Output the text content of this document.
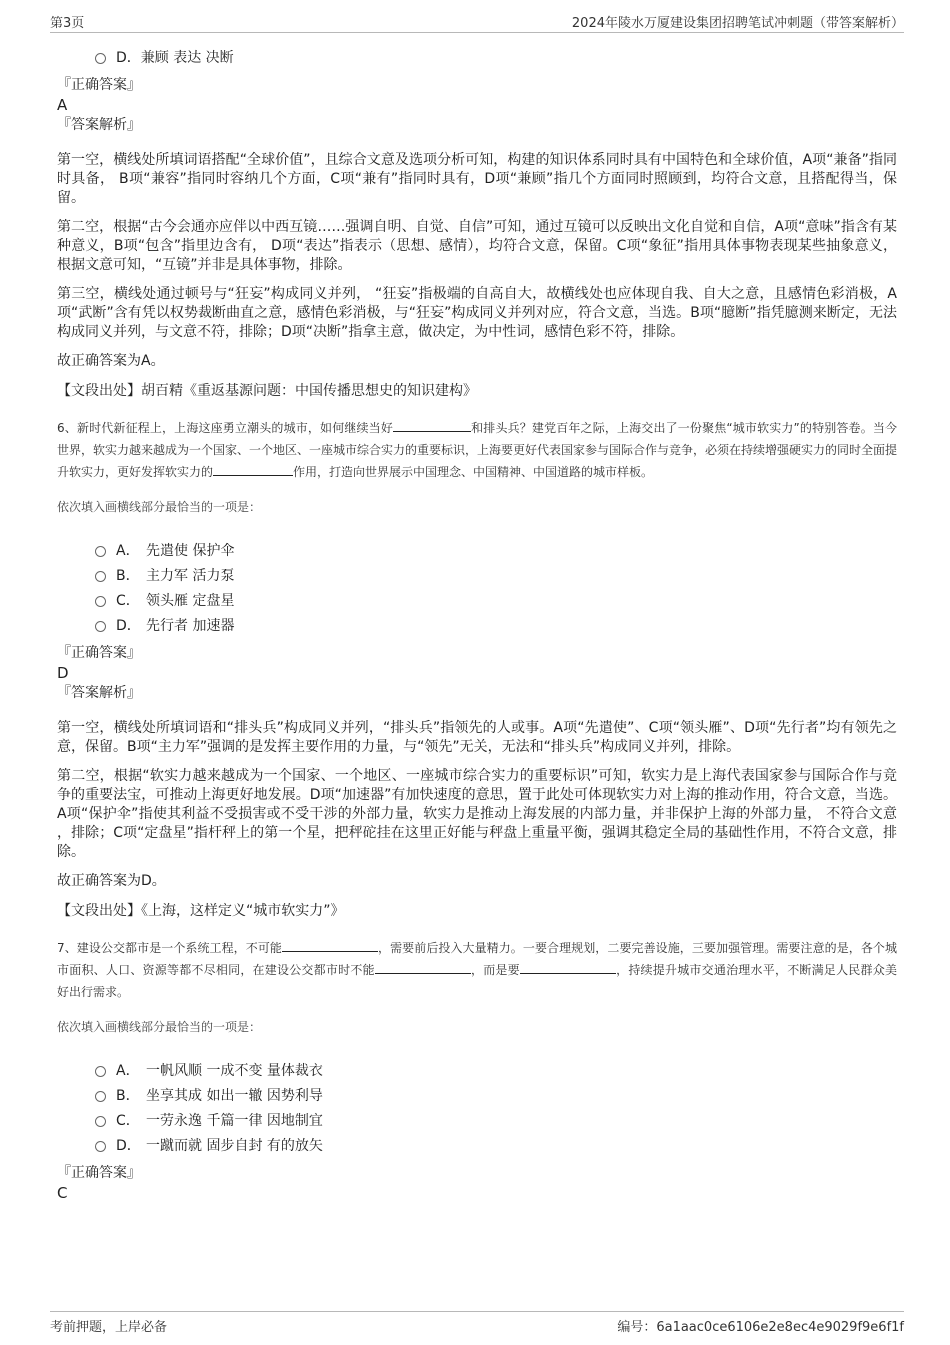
第3页	2024年陵水万厦建设集团招聘笔试冲刺题（带答案解析）
D． 兼顾 表达 决断
『正确答案』
A
『答案解析』

第一空，横线处所填词语搭配“全球价值”，且综合文意及选项分析可知，构建的知识体系同时具有中国特色和全球价值，A项“兼备”指同时具备， B项“兼容”指同时容纳几个方面，C项“兼有”指同时具有，D项“兼顾”指几个方面同时照顾到，均符合文意，且搭配得当，保留。

第二空，根据“古今会通亦应伴以中西互镜……强调自明、自觉、自信”可知，通过互镜可以反映出文化自觉和自信，A项“意味”指含有某种意义，B项“包含”指里边含有， D项“表达”指表示（思想、感情），均符合文意，保留。C项“象征”指用具体事物表现某些抽象意义，根据文意可知，“互镜”并非是具体事物，排除。

第三空，横线处通过顿号与“狂妄”构成同义并列， “狂妄”指极端的自高自大，故横线处也应体现自我、自大之意，且感情色彩消极，A项“武断”含有凭以权势裁断曲直之意，感情色彩消极，与“狂妄”构成同义并列对应，符合文意，当选。B项“臆断”指凭臆测来断定，无法构成同义并列，与文意不符，排除；D项“决断”指拿主意，做决定，为中性词，感情色彩不符，排除。

故正确答案为A。

【文段出处】胡百精《重返基源问题：中国传播思想史的知识建构》

6、新时代新征程上，上海这座勇立潮头的城市，如何继续当好	和排头兵？建党百年之际，上海交出了一份聚焦“城市软实力”的特别答卷。当今世界，软实力越来越成为一个国家、一个地区、一座城市综合实力的重要标识，上海要更好代表国家参与国际合作与竞争，必须在持续增强硬实力的同时全面提升软实力，更好发挥软实力的	作用，打造向世界展示中国理念、中国精神、中国道路的城市样板。

依次填入画横线部分最恰当的一项是：
A． 先遣使 保护伞
B． 主力军 活力泵
C． 领头雁 定盘星
D． 先行者 加速器
『正确答案』
D
『答案解析』

第一空，横线处所填词语和“排头兵”构成同义并列，“排头兵”指领先的人或事。A项“先遣使”、C项“领头雁”、D项“先行者”均有领先之意，保留。B项“主力军”强调的是发挥主要作用的力量，与“领先”无关，无法和“排头兵”构成同义并列，排除。

第二空，根据“软实力越来越成为一个国家、一个地区、一座城市综合实力的重要标识”可知，软实力是上海代表国家参与国际合作与竞争的重要法宝，可推动上海更好地发展。D项“加速器”有加快速度的意思，置于此处可体现软实力对上海的推动作用，符合文意，当选。A项“保护伞”指使其利益不受损害或不受干涉的外部力量，软实力是推动上海发展的内部力量，并非保护上海的外部力量， 不符合文意 ，排除；C项“定盘星”指杆秤上的第一个星，把秤砣挂在这里正好能与秤盘上重量平衡，强调其稳定全局的基础性作用，不符合文意，排除。

故正确答案为D。

【文段出处】《上海，这样定义“城市软实力”》

7、建设公交都市是一个系统工程，不可能	，需要前后投入大量精力。一要合理规划，二要完善设施，三要加强管理。需要注意的是，各个城市面积、人口、资源等都不尽相同，在建设公交都市时不能	，而是要	，持续提升城市交通治理水平，不断满足人民群众美好出行需求。

依次填入画横线部分最恰当的一项是：
A． 一帆风顺 一成不变 量体裁衣
B． 坐享其成 如出一辙 因势利导
C． 一劳永逸 千篇一律 因地制宜
D． 一蹴而就 固步自封 有的放矢
『正确答案』
C
考前押题，上岸必备	编号：6a1aac0ce6106e2e8ec4e9029f9e6f1f
